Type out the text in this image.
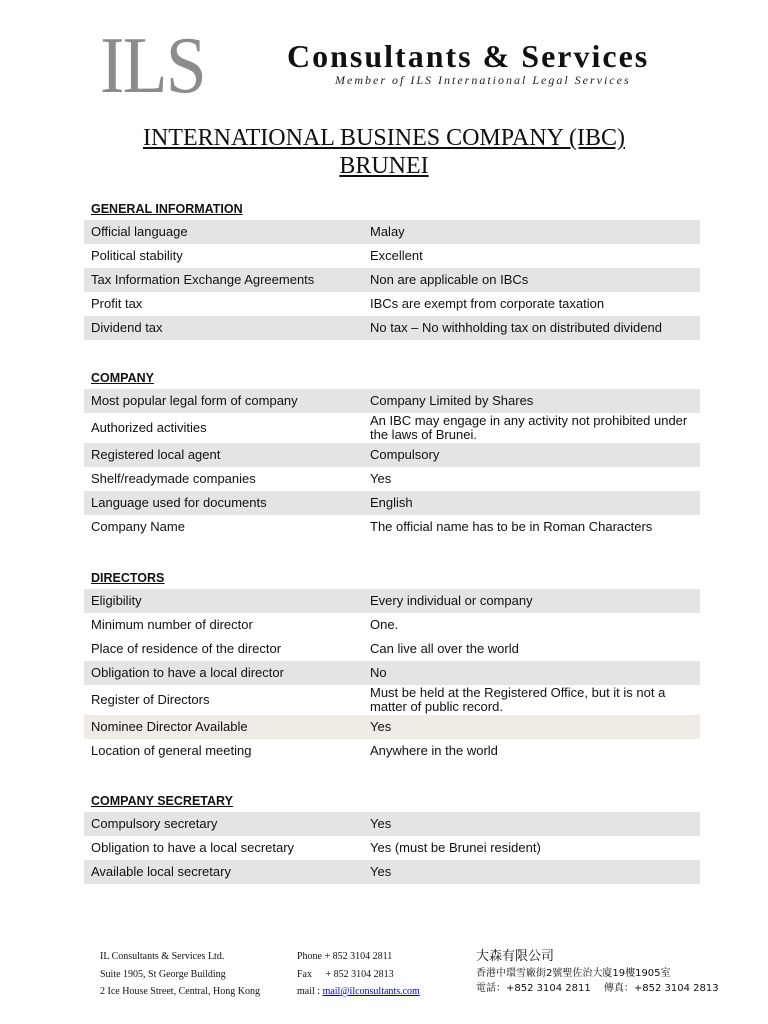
ILS	Consultants & Services
Member of ILS International Legal Services
INTERNATIONAL BUSINES COMPANY (IBC)
BRUNEI
GENERAL INFORMATION
Official language	Malay
Political stability	Excellent
Tax Information Exchange Agreements	Non are applicable on IBCs
Profit tax	IBCs are exempt from corporate taxation
Dividend tax	No tax – No withholding tax on distributed dividend
COMPANY
Most popular legal form of company	Company Limited by Shares
Authorized activities	An IBC may engage in any activity not prohibited under the laws of Brunei.
Registered local agent	Compulsory
Shelf/readymade companies	Yes
Language used for documents	English
Company Name	The official name has to be in Roman Characters
DIRECTORS
Eligibility	Every individual or company
Minimum number of director	One.
Place of residence of the director	Can live all over the world
Obligation to have a local director	No
Register of Directors	Must be held at the Registered Office, but it is not a matter of public record.
Nominee Director Available	Yes
Location of general meeting	Anywhere in the world
COMPANY SECRETARY
Compulsory secretary	Yes
Obligation to have a local secretary	Yes (must be Brunei resident)
Available local secretary	Yes
IL Consultants & Services Ltd.
Suite 1905, St George Building
2 Ice House Street, Central, Hong Kong
Phone + 852 3104 2811
Fax + 852 3104 2813
mail : mail@ilconsultants.com
大森有限公司
香港中環雪廠街2號聖佐治大廈19樓1905室
電話：+852 3104 2811　 傳真：+852 3104 2813
